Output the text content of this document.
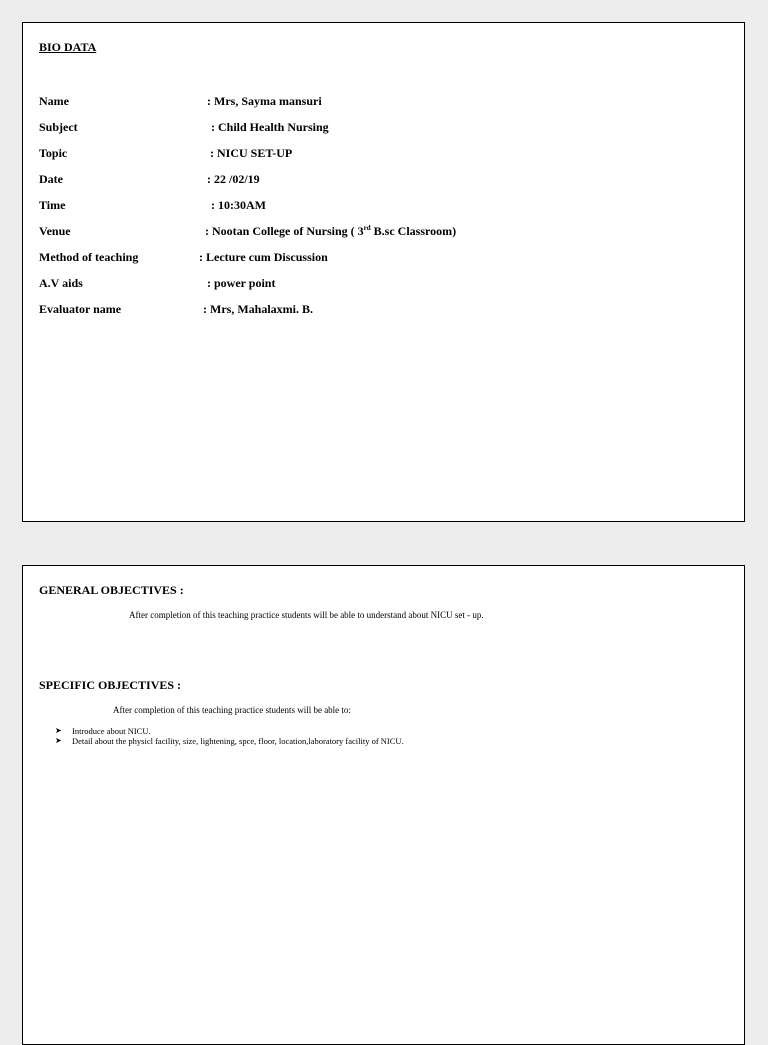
BIO DATA
Name	: Mrs, Sayma mansuri
Subject	: Child Health Nursing
Topic	: NICU SET-UP
Date	: 22 /02/19
Time	: 10:30AM
Venue	: Nootan College of Nursing ( 3rd B.sc Classroom)
Method of teaching	: Lecture cum Discussion
A.V aids	: power point
Evaluator name	: Mrs, Mahalaxmi. B.
GENERAL OBJECTIVES :
After completion of this teaching practice students will be able to understand about NICU set - up.
SPECIFIC OBJECTIVES :
After completion of this teaching practice students will be able to:
➤	Introduce about NICU.
➤	Detail about the physicl facility, size, lightening, spce, floor, location,laboratory facility of NICU.
